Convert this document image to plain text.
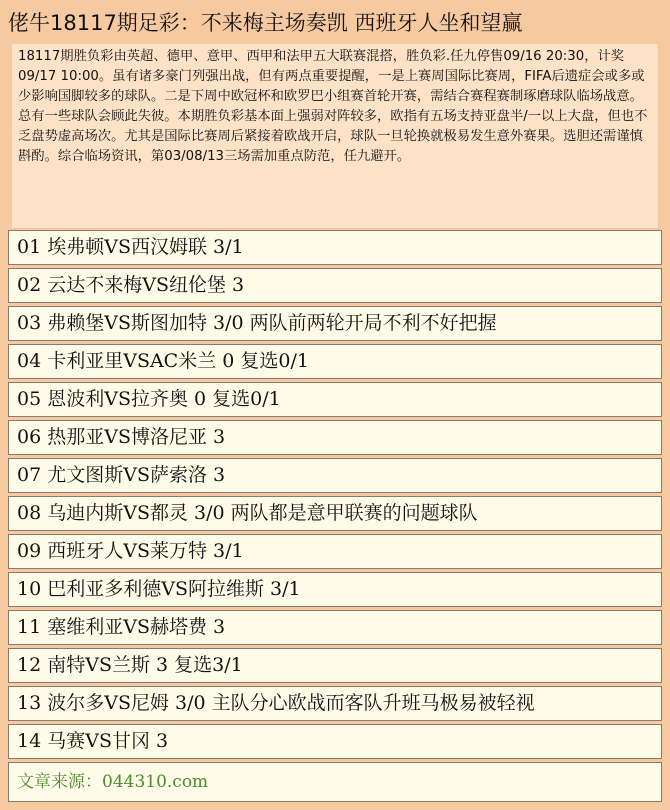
佬牛18117期足彩：不来梅主场奏凯 西班牙人坐和望赢
18117期胜负彩由英超、德甲、意甲、西甲和法甲五大联赛混搭，胜负彩.任九停售09/16 20:30，计奖09/17 10:00。虽有诸多豪门列强出战，但有两点重要提醒，一是上赛周国际比赛周，FIFA后遗症会或多或少影响国脚较多的球队。二是下周中欧冠杯和欧罗巴小组赛首轮开赛，需结合赛程赛制琢磨球队临场战意。总有一些球队会顾此失彼。本期胜负彩基本面上强弱对阵较多，欧指有五场支持亚盘半/一以上大盘，但也不乏盘势虚高场次。尤其是国际比赛周后紧接着欧战开启，球队一旦轮换就极易发生意外赛果。选胆还需谨慎斟酌。综合临场资讯，第03/08/13三场需加重点防范，任九避开。
01 埃弗顿VS西汉姆联 3/1
02 云达不来梅VS纽伦堡 3
03 弗赖堡VS斯图加特 3/0 两队前两轮开局不利不好把握
04 卡利亚里VSAC米兰 0 复选0/1
05 恩波利VS拉齐奥 0 复选0/1
06 热那亚VS博洛尼亚 3
07 尤文图斯VS萨索洛 3
08 乌迪内斯VS都灵 3/0 两队都是意甲联赛的问题球队
09 西班牙人VS莱万特 3/1
10 巴利亚多利德VS阿拉维斯 3/1
11 塞维利亚VS赫塔费 3
12 南特VS兰斯 3 复选3/1
13 波尔多VS尼姆 3/0 主队分心欧战而客队升班马极易被轻视
14 马赛VS甘冈 3
文章来源：044310.com
